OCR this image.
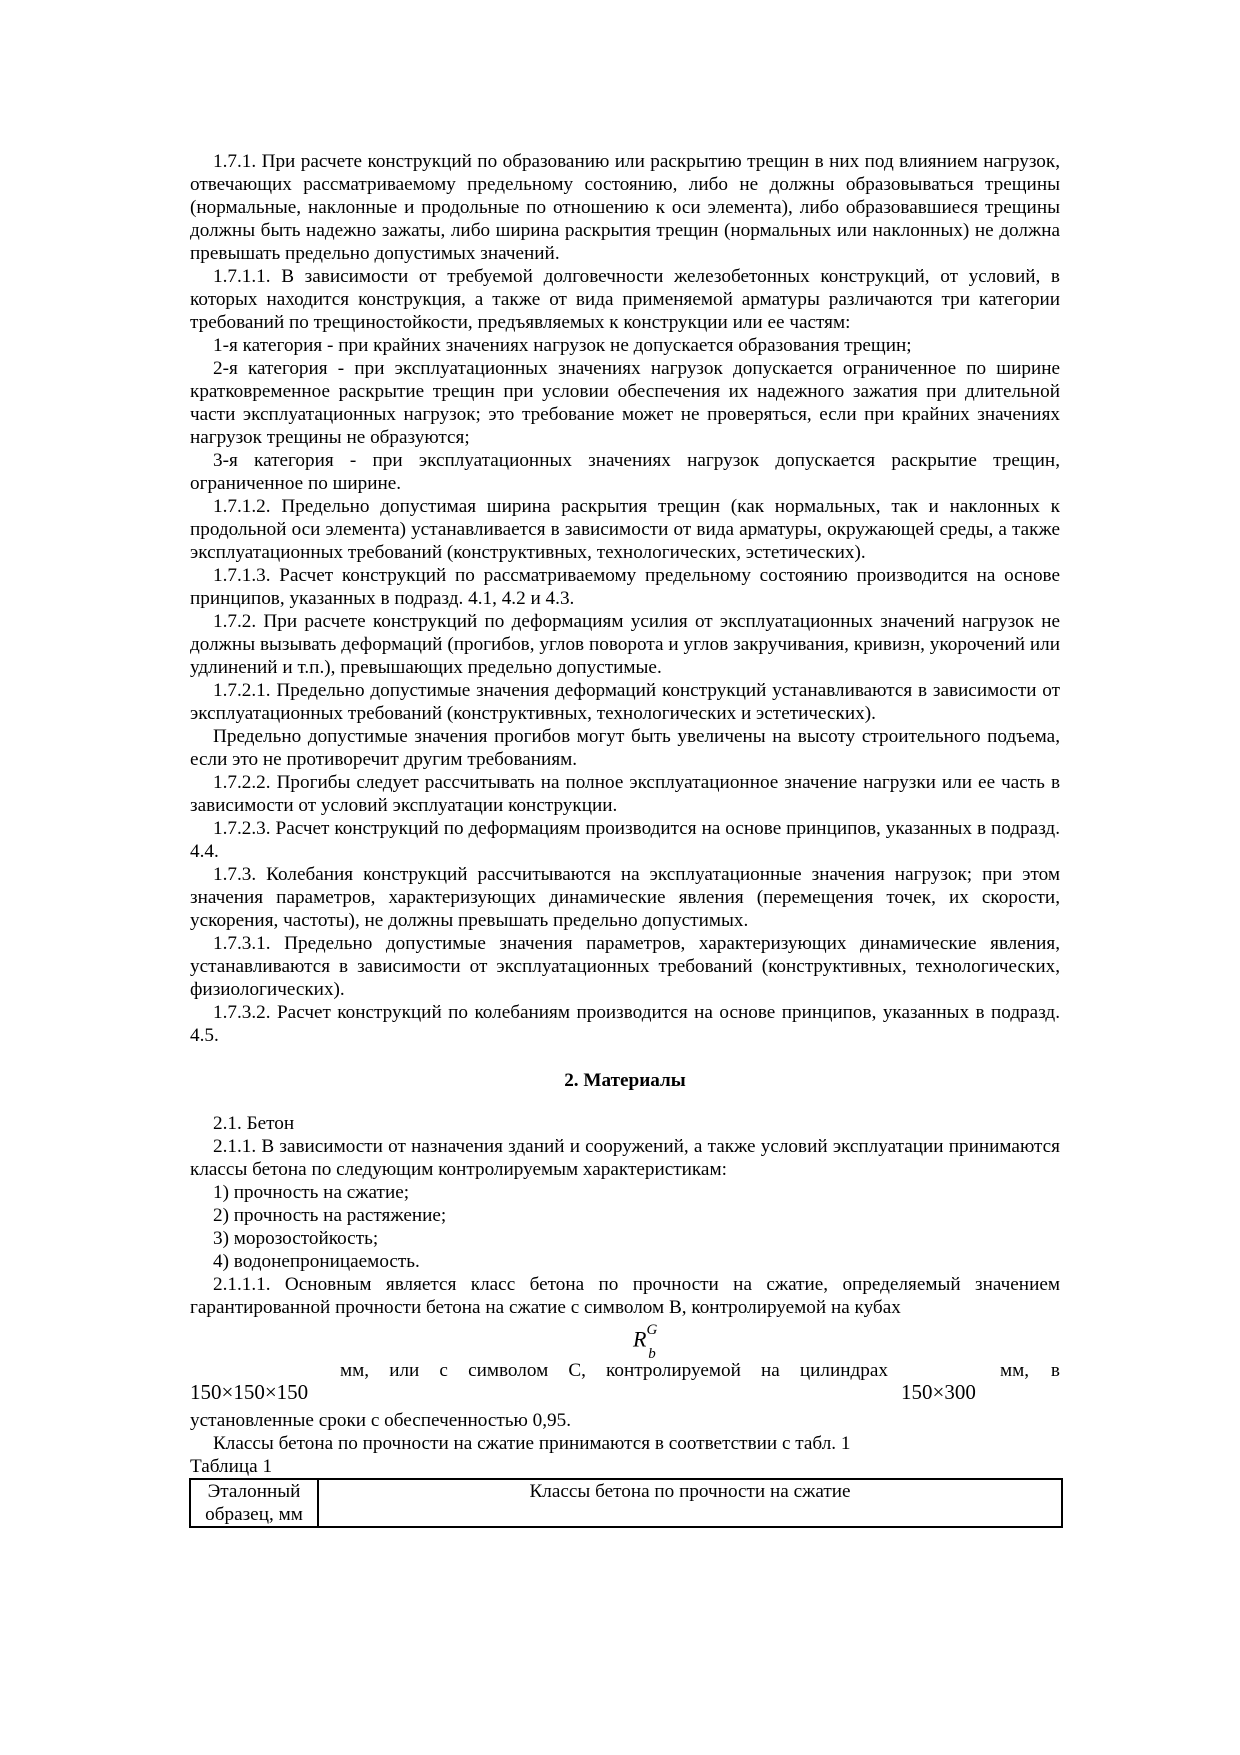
1.7.1. При расчете конструкций по образованию или раскрытию трещин в них под влиянием нагрузок, отвечающих рассматриваемому предельному состоянию, либо не должны образовываться трещины (нормальные, наклонные и продольные по отношению к оси элемента), либо образовавшиеся трещины должны быть надежно зажаты, либо ширина раскрытия трещин (нормальных или наклонных) не должна превышать предельно допустимых значений.

1.7.1.1. В зависимости от требуемой долговечности железобетонных конструкций, от условий, в которых находится конструкция, а также от вида применяемой арматуры различаются три категории требований по трещиностойкости, предъявляемых к конструкции или ее частям:

1-я категория - при крайних значениях нагрузок не допускается образования трещин;

2-я категория - при эксплуатационных значениях нагрузок допускается ограниченное по ширине кратковременное раскрытие трещин при условии обеспечения их надежного зажатия при длительной части эксплуатационных нагрузок; это требование может не проверяться, если при крайних значениях нагрузок трещины не образуются;

3-я категория - при эксплуатационных значениях нагрузок допускается раскрытие трещин, ограниченное по ширине.

1.7.1.2. Предельно допустимая ширина раскрытия трещин (как нормальных, так и наклонных к продольной оси элемента) устанавливается в зависимости от вида арматуры, окружающей среды, а также эксплуатационных требований (конструктивных, технологических, эстетических).

1.7.1.3. Расчет конструкций по рассматриваемому предельному состоянию производится на основе принципов, указанных в подразд. 4.1, 4.2 и 4.3.

1.7.2. При расчете конструкций по деформациям усилия от эксплуатационных значений нагрузок не должны вызывать деформаций (прогибов, углов поворота и углов закручивания, кривизн, укорочений или удлинений и т.п.), превышающих предельно допустимые.

1.7.2.1. Предельно допустимые значения деформаций конструкций устанавливаются в зависимости от эксплуатационных требований (конструктивных, технологических и эстетических).

Предельно допустимые значения прогибов могут быть увеличены на высоту строительного подъема, если это не противоречит другим требованиям.

1.7.2.2. Прогибы следует рассчитывать на полное эксплуатационное значение нагрузки или ее часть в зависимости от условий эксплуатации конструкции.

1.7.2.3. Расчет конструкций по деформациям производится на основе принципов, указанных в подразд. 4.4.

1.7.3. Колебания конструкций рассчитываются на эксплуатационные значения нагрузок; при этом значения параметров, характеризующих динамические явления (перемещения точек, их скорости, ускорения, частоты), не должны превышать предельно допустимых.

1.7.3.1. Предельно допустимые значения параметров, характеризующих динамические явления, устанавливаются в зависимости от эксплуатационных требований (конструктивных, технологических, физиологических).

1.7.3.2. Расчет конструкций по колебаниям производится на основе принципов, указанных в подразд. 4.5.

2. Материалы

2.1. Бетон

2.1.1. В зависимости от назначения зданий и сооружений, а также условий эксплуатации принимаются классы бетона по следующим контролируемым характеристикам:

1) прочность на сжатие;

2) прочность на растяжение;

3) морозостойкость;

4) водонепроницаемость.

2.1.1.1. Основным является класс бетона по прочности на сжатие, определяемый значением гарантированной прочности бетона на сжатие с символом B, контролируемой на кубах

$R^G_b$
150×150×150
мм, или с символом С, контролируемой на цилиндрах
150×300
мм, в

установленные сроки с обеспеченностью 0,95.

Классы бетона по прочности на сжатие принимаются в соответствии с табл. 1

Таблица 1

Эталонный образец, мм	Классы бетона по прочности на сжатие
